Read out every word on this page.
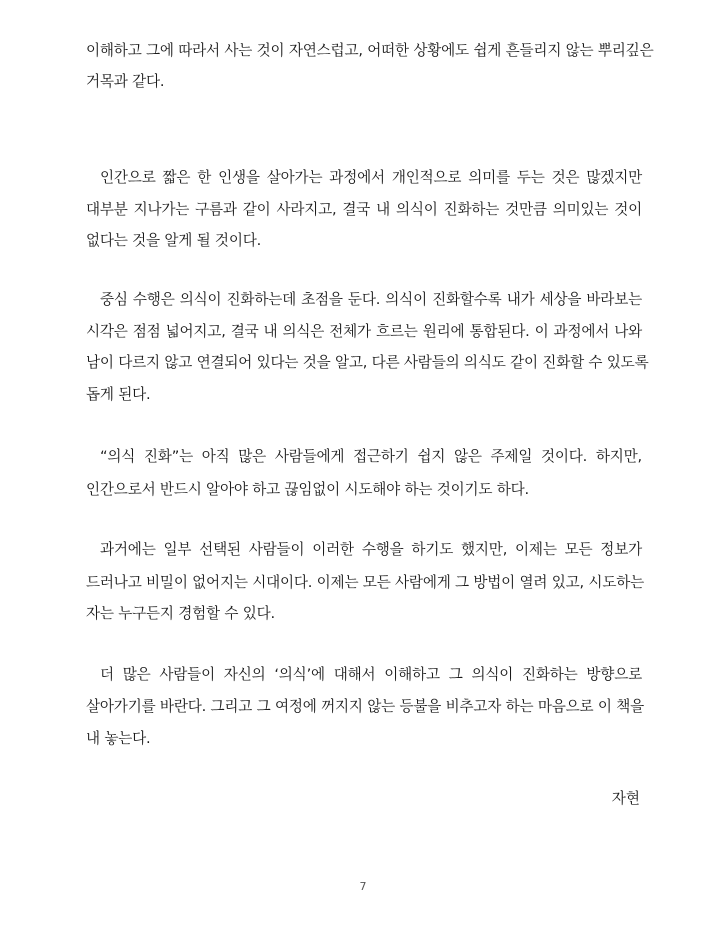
이해하고 그에 따라서 사는 것이 자연스럽고, 어떠한 상황에도 쉽게 흔들리지 않는 뿌리깊은
거목과 같다.
인간으로 짧은 한 인생을 살아가는 과정에서 개인적으로 의미를 두는 것은 많겠지만
대부분 지나가는 구름과 같이 사라지고, 결국 내 의식이 진화하는 것만큼 의미있는 것이
없다는 것을 알게 될 것이다.
중심 수행은 의식이 진화하는데 초점을 둔다. 의식이 진화할수록 내가 세상을 바라보는
시각은 점점 넓어지고, 결국 내 의식은 전체가 흐르는 원리에 통합된다. 이 과정에서 나와
남이 다르지 않고 연결되어 있다는 것을 알고, 다른 사람들의 의식도 같이 진화할 수 있도록
돕게 된다.
“의식 진화”는 아직 많은 사람들에게 접근하기 쉽지 않은 주제일 것이다. 하지만,
인간으로서 반드시 알아야 하고 끊임없이 시도해야 하는 것이기도 하다.
과거에는 일부 선택된 사람들이 이러한 수행을 하기도 했지만, 이제는 모든 정보가
드러나고 비밀이 없어지는 시대이다. 이제는 모든 사람에게 그 방법이 열려 있고, 시도하는
자는 누구든지 경험할 수 있다.
더 많은 사람들이 자신의 ‘의식’에 대해서 이해하고 그 의식이 진화하는 방향으로
살아가기를 바란다. 그리고 그 여정에 꺼지지 않는 등불을 비추고자 하는 마음으로 이 책을
내 놓는다.
자현
7
